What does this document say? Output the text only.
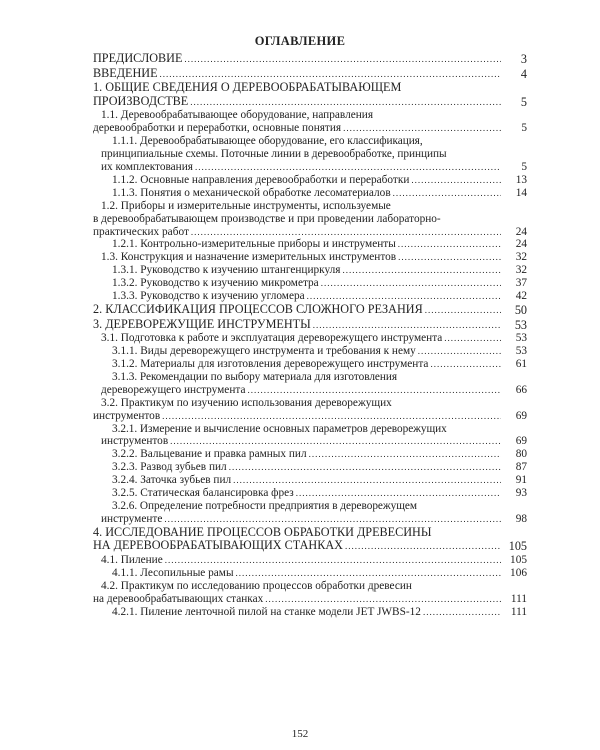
ОГЛАВЛЕНИЕ
ПРЕДИСЛОВИЕ .....	3
ВВЕДЕНИЕ .....	4
1. ОБЩИЕ СВЕДЕНИЯ О ДЕРЕВООБРАБАТЫВАЮЩЕМ
ПРОИЗВОДСТВЕ .....	5
1.1. Деревообрабатывающее оборудование, направления
деревообработки и переработки, основные понятия .....	5
1.1.1. Деревообрабатывающее оборудование, его классификация,
принципиальные схемы. Поточные линии в деревообработке, принципы
их комплектования .....	5
1.1.2. Основные направления деревообработки и переработки .....	13
1.1.3. Понятия о механической обработке лесоматериалов .....	14
1.2. Приборы и измерительные инструменты, используемые
в деревообрабатывающем производстве и при проведении лабораторно-
практических работ .....	24
1.2.1. Контрольно-измерительные приборы и инструменты .....	24
1.3. Конструкция и назначение измерительных инструментов .....	32
1.3.1. Руководство к изучению штангенциркуля .....	32
1.3.2. Руководство к изучению микрометра .....	37
1.3.3. Руководство к изучению угломера .....	42
2. КЛАССИФИКАЦИЯ ПРОЦЕССОВ СЛОЖНОГО РЕЗАНИЯ .....	50
3. ДЕРЕВОРЕЖУЩИЕ ИНСТРУМЕНТЫ .....	53
3.1. Подготовка к работе и эксплуатация дереворежущего инструмента .....	53
3.1.1. Виды дереворежущего инструмента и требования к нему .....	53
3.1.2. Материалы для изготовления дереворежущего инструмента .....	61
3.1.3. Рекомендации по выбору материала для изготовления
дереворежущего инструмента .....	66
3.2. Практикум по изучению использования дереворежущих
инструментов .....	69
3.2.1. Измерение и вычисление основных параметров дереворежущих
инструментов .....	69
3.2.2. Вальцевание и правка рамных пил .....	80
3.2.3. Развод зубьев пил .....	87
3.2.4. Заточка зубьев пил .....	91
3.2.5. Статическая балансировка фрез .....	93
3.2.6. Определение потребности предприятия в дереворежущем
инструменте .....	98
4. ИССЛЕДОВАНИЕ ПРОЦЕССОВ ОБРАБОТКИ ДРЕВЕСИНЫ
НА ДЕРЕВООБРАБАТЫВАЮЩИХ СТАНКАХ .....	105
4.1. Пиление .....	105
4.1.1. Лесопильные рамы .....	106
4.2. Практикум по исследованию процессов обработки древесин
на деревообрабатывающих станках .....	111
4.2.1. Пиление ленточной пилой на станке модели JET JWBS-12 .....	111
152
